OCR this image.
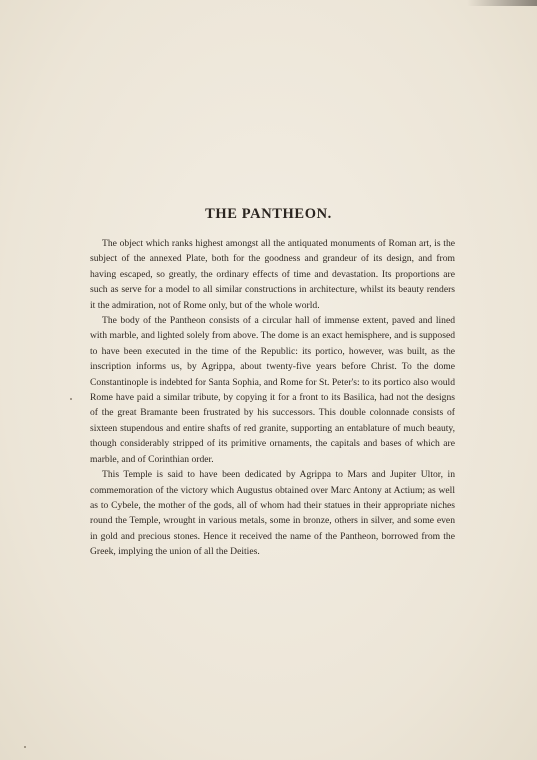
THE PANTHEON.

The object which ranks highest amongst all the antiquated monuments of Roman art, is the subject of the annexed Plate, both for the goodness and grandeur of its design, and from having escaped, so greatly, the ordinary effects of time and devastation. Its proportions are such as serve for a model to all similar constructions in architecture, whilst its beauty renders it the admiration, not of Rome only, but of the whole world.

The body of the Pantheon consists of a circular hall of immense extent, paved and lined with marble, and lighted solely from above. The dome is an exact hemisphere, and is supposed to have been executed in the time of the Republic: its portico, however, was built, as the inscription informs us, by Agrippa, about twenty-five years before Christ. To the dome Constantinople is indebted for Santa Sophia, and Rome for St. Peter's: to its portico also would Rome have paid a similar tribute, by copying it for a front to its Basilica, had not the designs of the great Bramante been frustrated by his successors. This double colonnade consists of sixteen stupendous and entire shafts of red granite, supporting an entablature of much beauty, though considerably stripped of its primitive ornaments, the capitals and bases of which are marble, and of Corinthian order.

This Temple is said to have been dedicated by Agrippa to Mars and Jupiter Ultor, in commemoration of the victory which Augustus obtained over Marc Antony at Actium; as well as to Cybele, the mother of the gods, all of whom had their statues in their appropriate niches round the Temple, wrought in various metals, some in bronze, others in silver, and some even in gold and precious stones. Hence it received the name of the Pantheon, borrowed from the Greek, implying the union of all the Deities.
